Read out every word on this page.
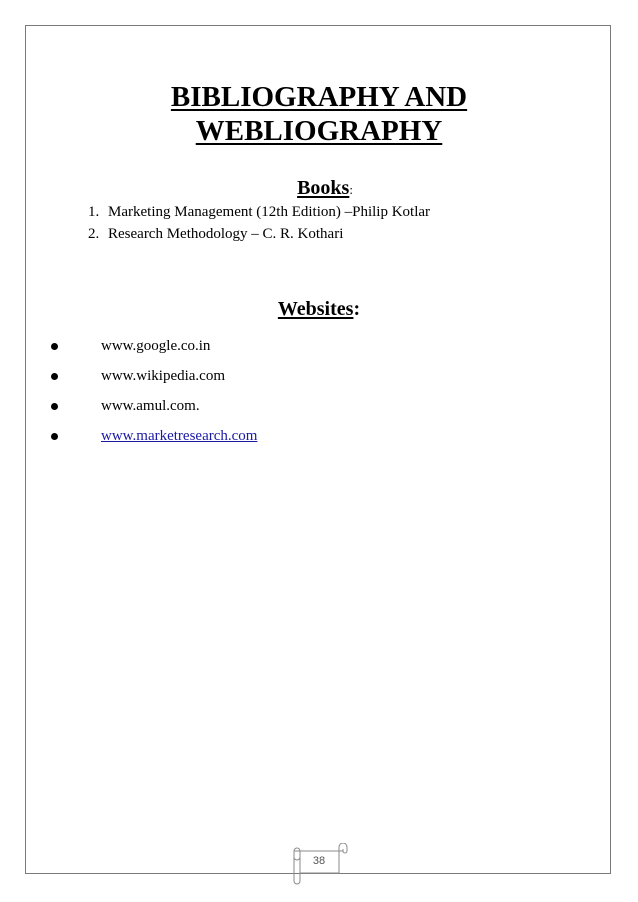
BIBLIOGRAPHY AND
WEBLIOGRAPHY
Books:
1. Marketing Management (12th Edition) –Philip Kotlar
2. Research Methodology – C. R. Kothari
Websites:
www.google.co.in
www.wikipedia.com
www.amul.com.
www.marketresearch.com
38
